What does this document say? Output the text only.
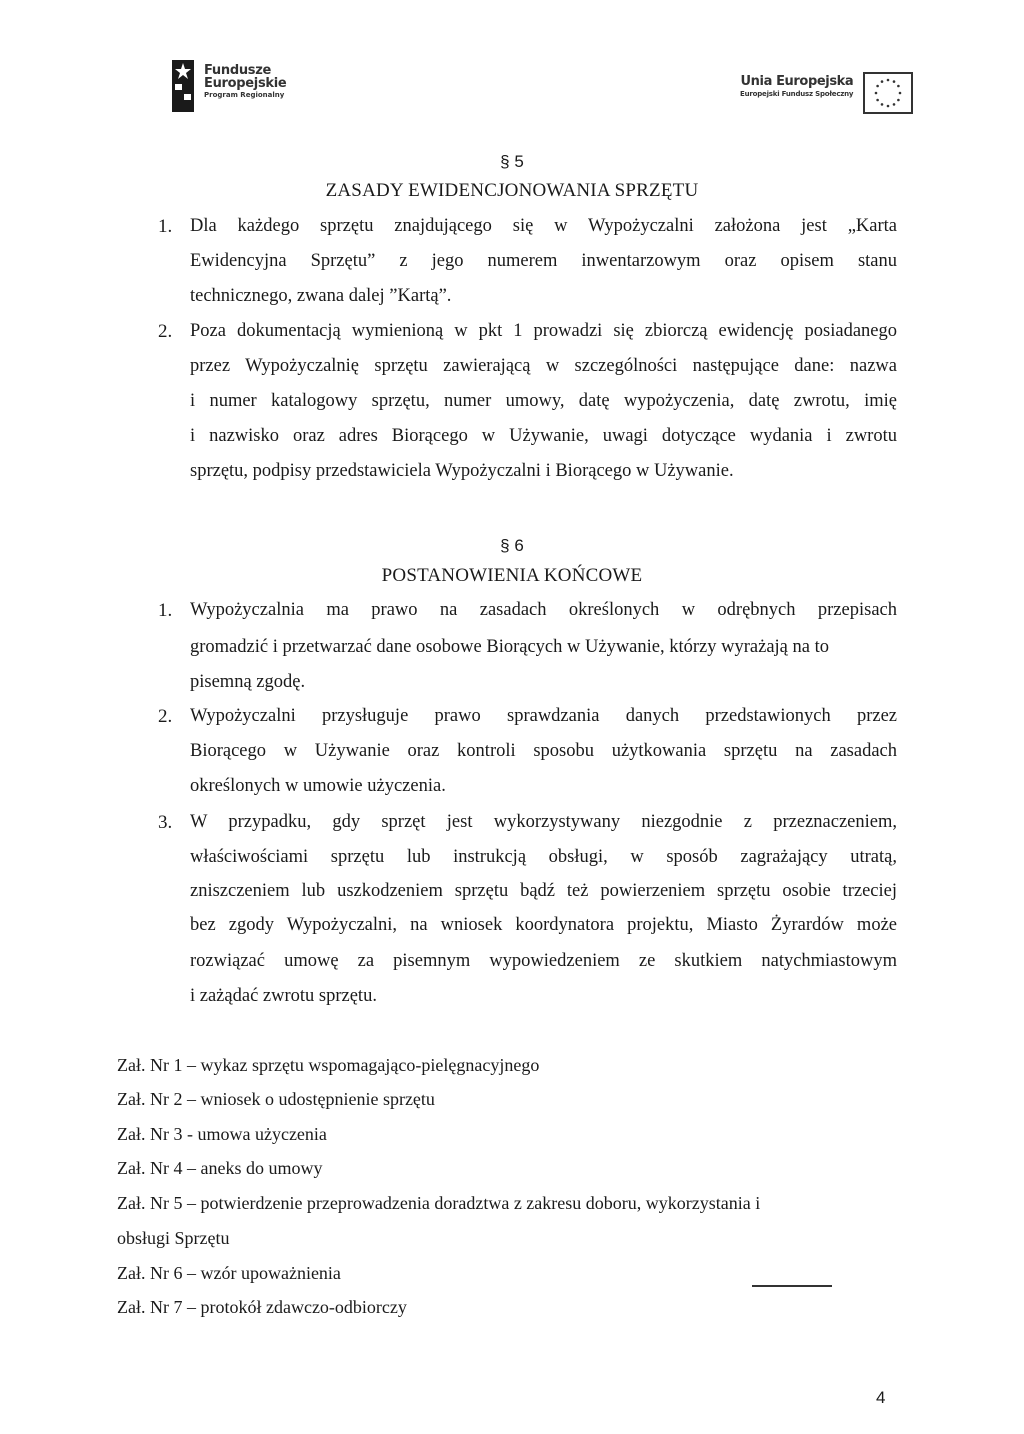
Fundusze
Europejskie
Program Regionalny
Unia Europejska
Europejski Fundusz Społeczny
§ 5
ZASADY EWIDENCJONOWANIA SPRZĘTU
1. Dla każdego sprzętu znajdującego się w Wypożyczalni założona jest „Karta
Ewidencyjna Sprzętu” z jego numerem inwentarzowym oraz opisem stanu
technicznego, zwana dalej ”Kartą”.
2. Poza dokumentacją wymienioną w pkt 1 prowadzi się zbiorczą ewidencję posiadanego
przez Wypożyczalnię sprzętu zawierającą w szczególności następujące dane: nazwa
i numer katalogowy sprzętu, numer umowy, datę wypożyczenia, datę zwrotu, imię
i nazwisko oraz adres Biorącego w Używanie, uwagi dotyczące wydania i zwrotu
sprzętu, podpisy przedstawiciela Wypożyczalni i Biorącego w Używanie.
§ 6
POSTANOWIENIA KOŃCOWE
1. Wypożyczalnia ma prawo na zasadach określonych w odrębnych przepisach
gromadzić i przetwarzać dane osobowe Biorących w Używanie, którzy wyrażają na to
pisemną zgodę.
2. Wypożyczalni przysługuje prawo sprawdzania danych przedstawionych przez
Biorącego w Używanie oraz kontroli sposobu użytkowania sprzętu na zasadach
określonych w umowie użyczenia.
3. W przypadku, gdy sprzęt jest wykorzystywany niezgodnie z przeznaczeniem,
właściwościami sprzętu lub instrukcją obsługi, w sposób zagrażający utratą,
zniszczeniem lub uszkodzeniem sprzętu bądź też powierzeniem sprzętu osobie trzeciej
bez zgody Wypożyczalni, na wniosek koordynatora projektu, Miasto Żyrardów może
rozwiązać umowę za pisemnym wypowiedzeniem ze skutkiem natychmiastowym
i zażądać zwrotu sprzętu.
Zał. Nr 1 – wykaz sprzętu wspomagająco-pielęgnacyjnego
Zał. Nr 2 – wniosek o udostępnienie sprzętu
Zał. Nr 3 - umowa użyczenia
Zał. Nr 4 – aneks do umowy
Zał. Nr 5 – potwierdzenie przeprowadzenia doradztwa z zakresu doboru, wykorzystania i
obsługi Sprzętu
Zał. Nr 6 – wzór upoważnienia
Zał. Nr 7 – protokół zdawczo-odbiorczy
4
